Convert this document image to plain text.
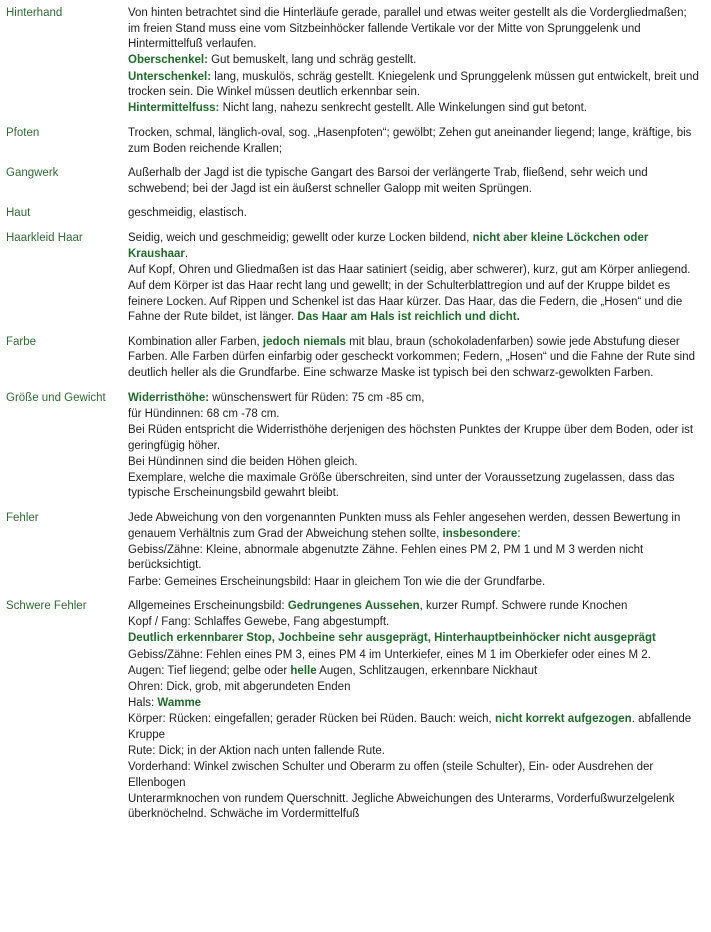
Hinterhand	Von hinten betrachtet sind die Hinterläufe gerade, parallel und etwas weiter gestellt als die Vordergliedmaßen; im freien Stand muss eine vom Sitzbeinhöcker fallende Vertikale vor der Mitte von Sprunggelenk und Hintermittelfuß verlaufen.
Oberschenkel: Gut bemuskelt, lang und schräg gestellt.
Unterschenkel: lang, muskulös, schräg gestellt. Kniegelenk und Sprunggelenk müssen gut entwickelt, breit und trocken sein. Die Winkel müssen deutlich erkennbar sein.
Hintermittelfuss: Nicht lang, nahezu senkrecht gestellt. Alle Winkelungen sind gut betont.

Pfoten	Trocken, schmal, länglich-oval, sog. „Hasenpfoten“; gewölbt; Zehen gut aneinander liegend; lange, kräftige, bis zum Boden reichende Krallen;

Gangwerk	Außerhalb der Jagd ist die typische Gangart des Barsoi der verlängerte Trab, fließend, sehr weich und schwebend; bei der Jagd ist ein äußerst schneller Galopp mit weiten Sprüngen.

Haut	geschmeidig, elastisch.

Haarkleid Haar	Seidig, weich und geschmeidig; gewellt oder kurze Locken bildend, nicht aber kleine Löckchen oder Kraushaar.
Auf Kopf, Ohren und Gliedmaßen ist das Haar satiniert (seidig, aber schwerer), kurz, gut am Körper anliegend.
Auf dem Körper ist das Haar recht lang und gewellt; in der Schulterblattregion und auf der Kruppe bildet es feinere Locken. Auf Rippen und Schenkel ist das Haar kürzer. Das Haar, das die Federn, die „Hosen“ und die Fahne der Rute bildet, ist länger. Das Haar am Hals ist reichlich und dicht.

Farbe	Kombination aller Farben, jedoch niemals mit blau, braun (schokoladenfarben) sowie jede Abstufung dieser Farben. Alle Farben dürfen einfarbig oder gescheckt vorkommen; Federn, „Hosen“ und die Fahne der Rute sind deutlich heller als die Grundfarbe. Eine schwarze Maske ist typisch bei den schwarz-gewolkten Farben.

Größe und Gewicht	Widerristhöhe: wünschenswert für Rüden: 75 cm -85 cm,
für Hündinnen: 68 cm -78 cm.
Bei Rüden entspricht die Widerristhöhe derjenigen des höchsten Punktes der Kruppe über dem Boden, oder ist geringfügig höher.
Bei Hündinnen sind die beiden Höhen gleich.
Exemplare, welche die maximale Größe überschreiten, sind unter der Voraussetzung zugelassen, dass das typische Erscheinungsbild gewahrt bleibt.

Fehler	Jede Abweichung von den vorgenannten Punkten muss als Fehler angesehen werden, dessen Bewertung in genauem Verhältnis zum Grad der Abweichung stehen sollte, insbesondere:
Gebiss/Zähne: Kleine, abnormale abgenutzte Zähne. Fehlen eines PM 2, PM 1 und M 3 werden nicht berücksichtigt.
Farbe: Gemeines Erscheinungsbild: Haar in gleichem Ton wie die der Grundfarbe.

Schwere Fehler	Allgemeines Erscheinungsbild: Gedrungenes Aussehen, kurzer Rumpf. Schwere runde Knochen
Kopf / Fang: Schlaffes Gewebe, Fang abgestumpft.
Deutlich erkennbarer Stop, Jochbeine sehr ausgeprägt, Hinterhauptbeinhöcker nicht ausgeprägt
Gebiss/Zähne: Fehlen eines PM 3, eines PM 4 im Unterkiefer, eines M 1 im Oberkiefer oder eines M 2.
Augen: Tief liegend; gelbe oder helle Augen, Schlitzaugen, erkennbare Nickhaut
Ohren: Dick, grob, mit abgerundeten Enden
Hals: Wamme
Körper: Rücken: eingefallen; gerader Rücken bei Rüden. Bauch: weich, nicht korrekt aufgezogen. abfallende Kruppe
Rute: Dick; in der Aktion nach unten fallende Rute.
Vorderhand: Winkel zwischen Schulter und Oberarm zu offen (steile Schulter), Ein- oder Ausdrehen der Ellenbogen
Unterarmknochen von rundem Querschnitt. Jegliche Abweichungen des Unterarms, Vorderfußwurzelgelenk überknöchelnd. Schwäche im Vordermittelfuß
